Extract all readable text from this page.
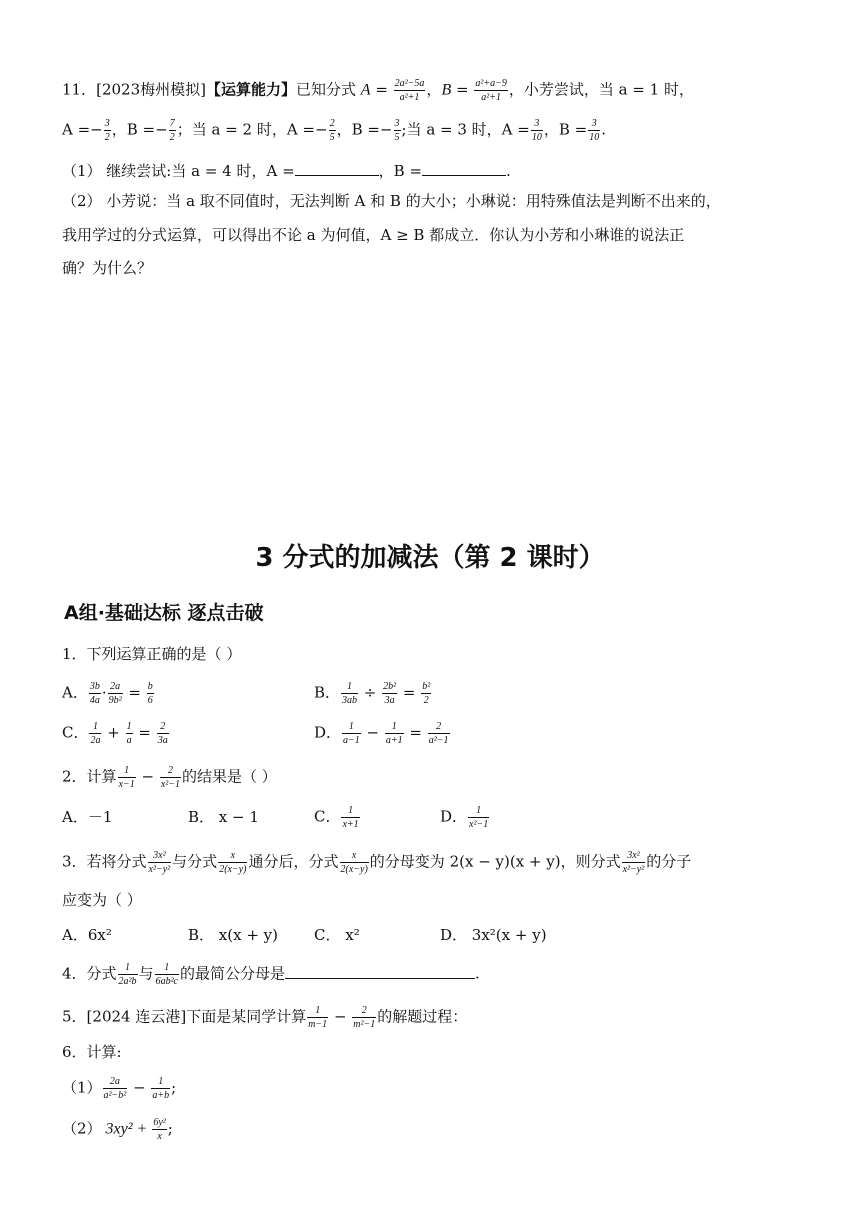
11．[2023梅州模拟]【运算能力】已知分式 $A = \frac{\text{2a²−5a}}{\text{a²+1}}$ ，$B = \frac{\text{a²+a−9}}{\text{a²+1}}$ ，小芳尝试，当 a = 1 时，
$A =- \frac{3}{2}$ ，$B =- \frac{7}{2}$ ；当 a = 2 时，$A =- \frac{2}{5}$ ，$B =- \frac{3}{5}$ ;当 a = 3 时，$A = \frac{3}{10}$ ，$B = \frac{3}{10}$ .
（1） 继续尝试:当 a = 4 时，A =	，B =	.
（2） 小芳说：当 a 取不同值时，无法判断 A 和 B 的大小；小琳说：用特殊值法是判断不出来的，
我用学过的分式运算，可以得出不论 a 为何值，A ≥ B 都成立．你认为小芳和小琳谁的说法正
确？为什么？
3 分式的加减法（第 2 课时）
A组·基础达标 逐点击破
1．下列运算正确的是（ ）
A． $\frac{3b}{4a} \cdot \frac{2a}{\text{9b²}} = \frac{b}{6}$	B． $\frac{1}{3ab} \div \frac{\text{2b²}}{3a} = \frac{\text{b²}}{2}$
C． $\frac{1}{2a} + \frac{1}{a} = \frac{2}{3a}$	D． $\frac{1}{a-1} - \frac{1}{a+1} = \frac{2}{\text{a²−1}}$
2．计算 $\frac{1}{x-1} - \frac{2}{\text{x²−1}}$ 的结果是（ ）
A．－1	B． x − 1	C． $\frac{1}{x+1}$	D． $\frac{1}{\text{x²−1}}$
3．若将分式 $\frac{\text{3x²}}{\text{x²−y²}}$ 与分式 $\frac{x}{2(x-y)}$ 通分后，分式 $\frac{x}{2(x-y)}$ 的分母变为 2(x − y)(x + y)，则分式 $\frac{\text{3x²}}{\text{x²−y²}}$ 的分子
应变为（ ）
A．6x²	B． x(x + y) C． x²	D． 3x²(x + y)
4．分式 $\frac{1}{\text{2a²b}}$ 与 $\frac{1}{\text{6ab²c}}$ 的最简公分母是	.
5．[2024 连云港]下面是某同学计算 $\frac{1}{m-1} - \frac{2}{\text{m²−1}}$ 的解题过程：
6．计算:
$(1) \frac{2a}{\text{a²−b²}} - \frac{1}{a+b}$ ;
（2） $3xy^2 + \frac{\text{6y²}}{x}$ ;
